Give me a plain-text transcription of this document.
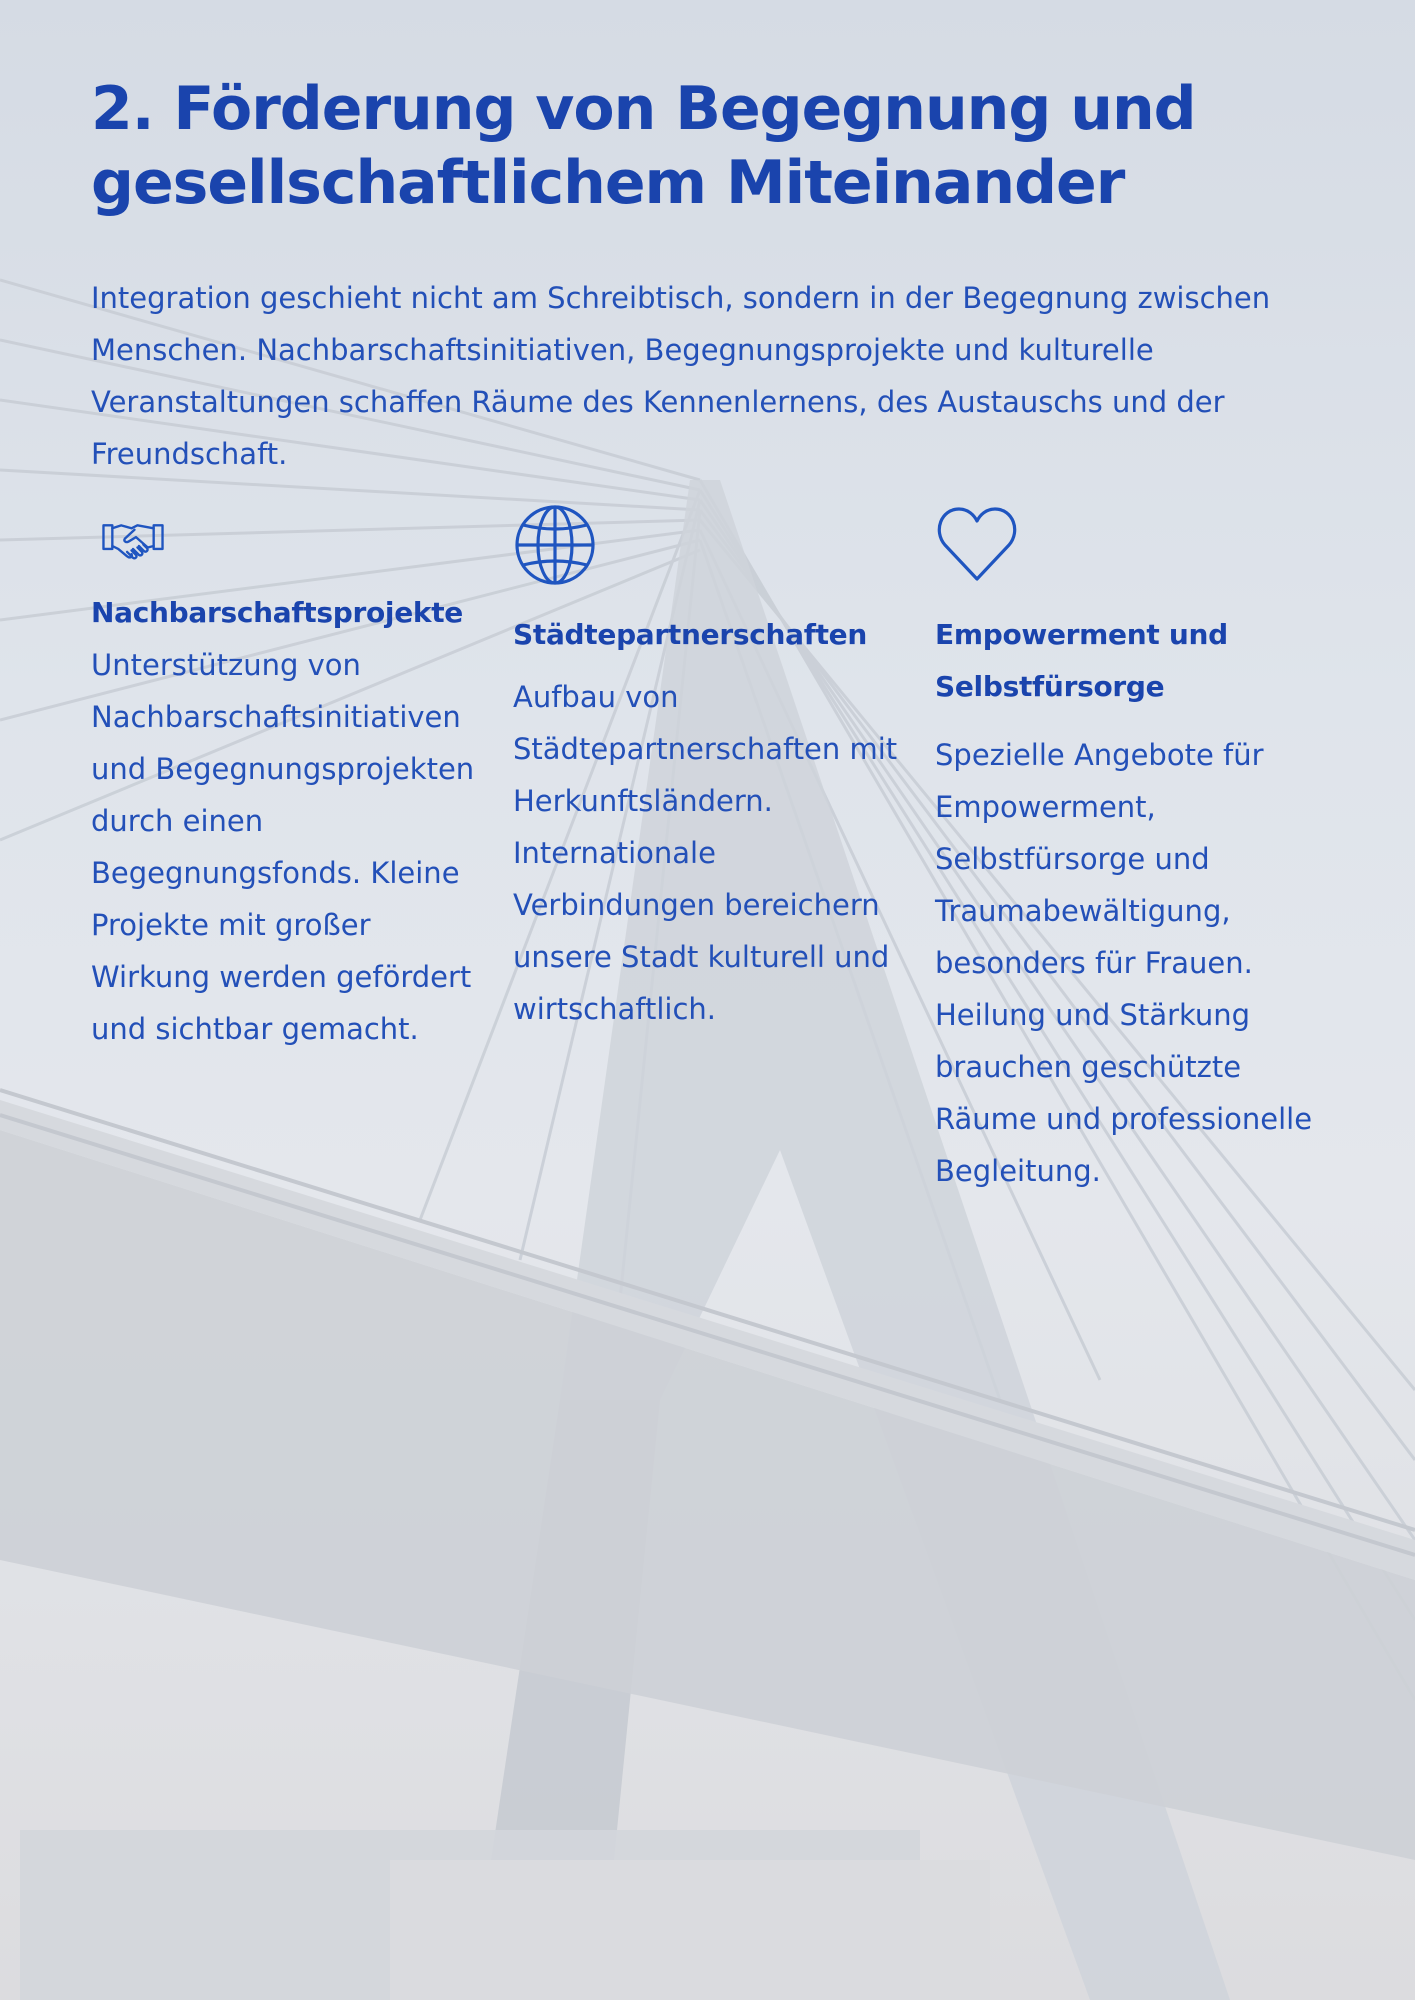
2. Förderung von Begegnung und gesellschaftlichem Miteinander

Integration geschieht nicht am Schreibtisch, sondern in der Begegnung zwischen Menschen. Nachbarschaftsinitiativen, Begegnungsprojekte und kulturelle Veranstaltungen schaffen Räume des Kennenlernens, des Austauschs und der Freundschaft.

Nachbarschaftsprojekte

Unterstützung von Nachbarschaftsinitiativen und Begegnungsprojekten durch einen Begegnungsfonds. Kleine Projekte mit großer Wirkung werden gefördert und sichtbar gemacht.

Städtepartnerschaften

Aufbau von Städtepartnerschaften mit Herkunftsländern. Internationale Verbindungen bereichern unsere Stadt kulturell und wirtschaftlich.

Empowerment und Selbstfürsorge

Spezielle Angebote für Empowerment, Selbstfürsorge und Traumabewältigung, besonders für Frauen. Heilung und Stärkung brauchen geschützte Räume und professionelle Begleitung.
